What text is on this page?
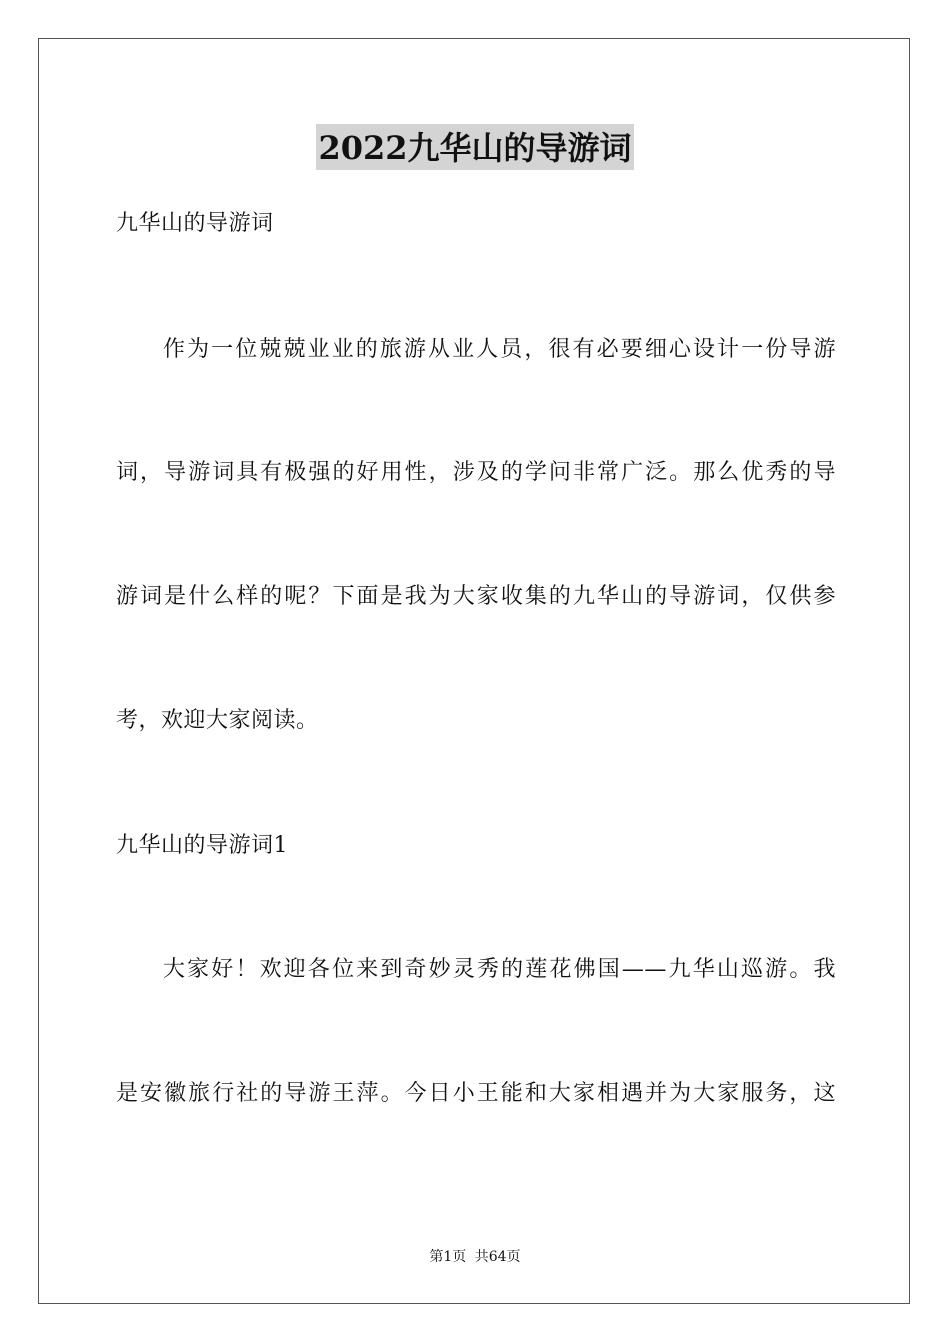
2022九华山的导游词
九华山的导游词
作为一位兢兢业业的旅游从业人员，很有必要细心设计一份导游
词，导游词具有极强的好用性，涉及的学问非常广泛。那么优秀的导
游词是什么样的呢？下面是我为大家收集的九华山的导游词，仅供参
考，欢迎大家阅读。
九华山的导游词1
大家好！欢迎各位来到奇妙灵秀的莲花佛国——九华山巡游。我
是安徽旅行社的导游王萍。今日小王能和大家相遇并为大家服务，这
第1页 共64页
